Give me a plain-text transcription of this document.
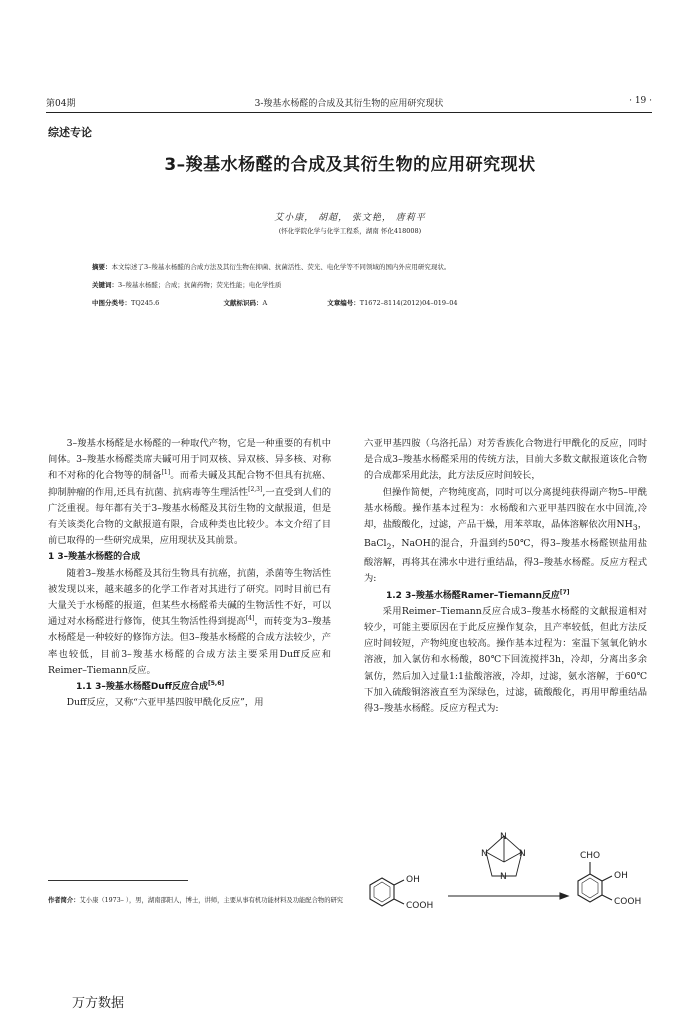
第04期	3-羧基水杨醛的合成及其衍生物的应用研究现状	· 19 ·
综述专论
3–羧基水杨醛的合成及其衍生物的应用研究现状
艾小康， 胡超， 张文艳， 唐莉平
(怀化学院化学与化学工程系，湖南 怀化418008)
摘要：本文综述了3–羧基水杨醛的合成方法及其衍生物在抑菌、抗菌活性、荧光、电化学等不同领域的国内外应用研究现状。
关键词：3–羧基水杨醛；合成；抗菌药物；荧光性能；电化学性质
中图分类号：TQ245.6	文献标识码：A	文章编号：T1672–8114(2012)04–019–04

3–羧基水杨醛是水杨醛的一种取代产物，它是一种重要的有机中间体。3–羧基水杨醛类席夫碱可用于同双核、异双核、异多核、对称和不对称的化合物等的制备[1]。而希夫碱及其配合物不但具有抗癌、抑制肿瘤的作用,还具有抗菌、抗病毒等生理活性[2,3],一直受到人们的广泛重视。每年都有关于3–羧基水杨醛及其衍生物的文献报道，但是有关该类化合物的文献报道有限，合成种类也比较少。本文介绍了目前已取得的一些研究成果，应用现状及其前景。

1 3–羧基水杨醛的合成

随着3–羧基水杨醛及其衍生物具有抗癌，抗菌，杀菌等生物活性被发现以来，越来越多的化学工作者对其进行了研究。同时目前已有大量关于水杨醛的报道，但某些水杨醛希夫碱的生物活性不好，可以通过对水杨醛进行修饰，使其生物活性得到提高[4]，而转变为3–羧基水杨醛是一种较好的修饰方法。但3–羧基水杨醛的合成方法较少，产率也较低，目前3–羧基水杨醛的合成方法主要采用Duff反应和Reimer–Tiemann反应。

1.1 3–羧基水杨醛Duff反应合成[5,6]

Duff反应，又称“六亚甲基四胺甲酰化反应”，用

六亚甲基四胺（乌洛托品）对芳香族化合物进行甲酰化的反应，同时是合成3–羧基水杨醛采用的传统方法，目前大多数文献报道该化合物的合成都采用此法，此方法反应时间较长，

但操作简便，产物纯度高，同时可以分离提纯获得副产物5–甲酰基水杨酸。操作基本过程为：水杨酸和六亚甲基四胺在水中回流,冷却，盐酸酸化，过滤，产品干燥，用苯萃取，晶体溶解依次用$NH_3$，BaCl$_2$，NaOH的混合，升温到约50℃，得3–羧基水杨醛钡盐用盐酸溶解，再将其在沸水中进行重结晶，得3–羧基水杨醛。反应方程式为:

1.2 3–羧基水杨醛Ramer–Tiemann反应[7]

采用Reimer–Tiemann反应合成3–羧基水杨醛的文献报道相对较少，可能主要原因在于此反应操作复杂，且产率较低，但此方法反应时间较短，产物纯度也较高。操作基本过程为：室温下氢氧化钠水溶液，加入氯仿和水杨酸，80℃下回流搅拌3h，冷却，分离出多余氯仿，然后加入过量1:1盐酸溶液，冷却，过滤，氨水溶解，于60℃下加入硫酸铜溶液直至为深绿色，过滤，硫酸酸化，再用甲醇重结晶得3–羧基水杨醛。反应方程式为:

OH
COOH
N
N	N
N
CHO
OH
COOH
作者简介：艾小康（1973– ），男，湖南邵阳人，博士，讲师，主要从事有机功能材料及功能配合物的研究
万方数据
